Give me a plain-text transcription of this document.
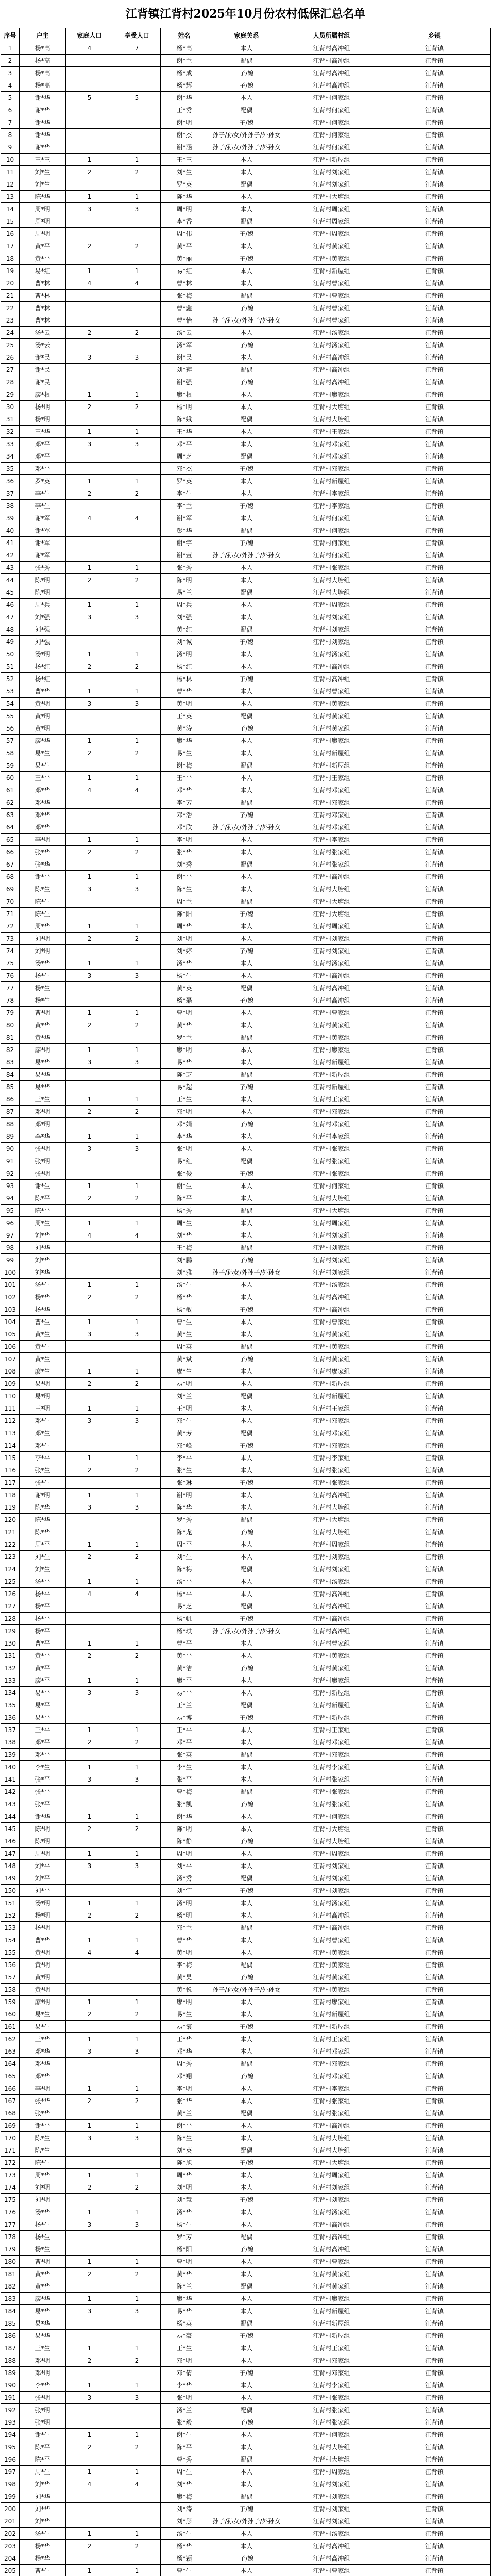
江背镇江背村2025年10月份农村低保汇总名单
序号	户主	家庭人口	享受人口	姓名	家庭关系	人员所属村组	乡镇
1	杨*高	4	7	杨*高	本人	江背村高冲组	江背镇
2	杨*高			谢*兰	配偶	江背村高冲组	江背镇
3	杨*高			杨*成	子/媳	江背村高冲组	江背镇
4	杨*高			杨*辉	子/媳	江背村高冲组	江背镇
5	谢*华	5	5	谢*华	本人	江背村何家组	江背镇
6	谢*华			王*秀	配偶	江背村何家组	江背镇
7	谢*华			谢*明	子/媳	江背村何家组	江背镇
8	谢*华			谢*杰	孙子/孙女/外孙子/外孙女	江背村何家组	江背镇
9	谢*华			谢*涵	孙子/孙女/外孙子/外孙女	江背村何家组	江背镇
10	王*三	1	1	王*三	本人	江背村新屋组	江背镇
11	刘*生	2	2	刘*生	本人	江背村刘家组	江背镇
12	刘*生			罗*英	配偶	江背村刘家组	江背镇
13	陈*华	1	1	陈*华	本人	江背村大塘组	江背镇
14	周*明	3	3	周*明	本人	江背村周家组	江背镇
15	周*明			李*香	配偶	江背村周家组	江背镇
16	周*明			周*伟	子/媳	江背村周家组	江背镇
17	黄*平	2	2	黄*平	本人	江背村黄家组	江背镇
18	黄*平			黄*丽	子/媳	江背村黄家组	江背镇
19	易*红	1	1	易*红	本人	江背村新屋组	江背镇
20	曹*林	4	4	曹*林	本人	江背村曹家组	江背镇
21	曹*林			张*梅	配偶	江背村曹家组	江背镇
22	曹*林			曹*鑫	子/媳	江背村曹家组	江背镇
23	曹*林			曹*怡	孙子/孙女/外孙子/外孙女	江背村曹家组	江背镇
24	汤*云	2	2	汤*云	本人	江背村汤家组	江背镇
25	汤*云			汤*军	子/媳	江背村汤家组	江背镇
26	谢*民	3	3	谢*民	本人	江背村高冲组	江背镇
27	谢*民			刘*莲	配偶	江背村高冲组	江背镇
28	谢*民			谢*强	子/媳	江背村高冲组	江背镇
29	廖*根	1	1	廖*根	本人	江背村廖家组	江背镇
30	杨*明	2	2	杨*明	本人	江背村大塘组	江背镇
31	杨*明			陈*娥	配偶	江背村大塘组	江背镇
32	王*华	1	1	王*华	本人	江背村王家组	江背镇
33	邓*平	3	3	邓*平	本人	江背村邓家组	江背镇
34	邓*平			周*芝	配偶	江背村邓家组	江背镇
35	邓*平			邓*杰	子/媳	江背村邓家组	江背镇
36	罗*英	1	1	罗*英	本人	江背村新屋组	江背镇
37	李*生	2	2	李*生	本人	江背村李家组	江背镇
38	李*生			李*兰	子/媳	江背村李家组	江背镇
39	谢*军	4	4	谢*军	本人	江背村何家组	江背镇
40	谢*军			彭*华	配偶	江背村何家组	江背镇
41	谢*军			谢*宇	子/媳	江背村何家组	江背镇
42	谢*军			谢*萱	孙子/孙女/外孙子/外孙女	江背村何家组	江背镇
43	张*秀	1	1	张*秀	本人	江背村张家组	江背镇
44	陈*明	2	2	陈*明	本人	江背村大塘组	江背镇
45	陈*明			易*兰	配偶	江背村大塘组	江背镇
46	周*兵	1	1	周*兵	本人	江背村周家组	江背镇
47	刘*强	3	3	刘*强	本人	江背村刘家组	江背镇
48	刘*强			黄*红	配偶	江背村刘家组	江背镇
49	刘*强			刘*诚	子/媳	江背村刘家组	江背镇
50	汤*明	1	1	汤*明	本人	江背村汤家组	江背镇
51	杨*红	2	2	杨*红	本人	江背村高冲组	江背镇
52	杨*红			杨*林	子/媳	江背村高冲组	江背镇
53	曹*华	1	1	曹*华	本人	江背村曹家组	江背镇
54	黄*明	3	3	黄*明	本人	江背村黄家组	江背镇
55	黄*明			王*英	配偶	江背村黄家组	江背镇
56	黄*明			黄*涛	子/媳	江背村黄家组	江背镇
57	廖*华	1	1	廖*华	本人	江背村廖家组	江背镇
58	易*生	2	2	易*生	本人	江背村新屋组	江背镇
59	易*生			谢*梅	配偶	江背村新屋组	江背镇
60	王*平	1	1	王*平	本人	江背村王家组	江背镇
61	邓*华	4	4	邓*华	本人	江背村邓家组	江背镇
62	邓*华			李*芳	配偶	江背村邓家组	江背镇
63	邓*华			邓*浩	子/媳	江背村邓家组	江背镇
64	邓*华			邓*欣	孙子/孙女/外孙子/外孙女	江背村邓家组	江背镇
65	李*明	1	1	李*明	本人	江背村李家组	江背镇
66	张*华	2	2	张*华	本人	江背村张家组	江背镇
67	张*华			刘*秀	配偶	江背村张家组	江背镇
68	谢*平	1	1	谢*平	本人	江背村高冲组	江背镇
69	陈*生	3	3	陈*生	本人	江背村大塘组	江背镇
70	陈*生			周*兰	配偶	江背村大塘组	江背镇
71	陈*生			陈*阳	子/媳	江背村大塘组	江背镇
72	周*华	1	1	周*华	本人	江背村周家组	江背镇
73	刘*明	2	2	刘*明	本人	江背村刘家组	江背镇
74	刘*明			刘*婷	子/媳	江背村刘家组	江背镇
75	汤*华	1	1	汤*华	本人	江背村汤家组	江背镇
76	杨*生	3	3	杨*生	本人	江背村高冲组	江背镇
77	杨*生			黄*英	配偶	江背村高冲组	江背镇
78	杨*生			杨*磊	子/媳	江背村高冲组	江背镇
79	曹*明	1	1	曹*明	本人	江背村曹家组	江背镇
80	黄*华	2	2	黄*华	本人	江背村黄家组	江背镇
81	黄*华			罗*兰	配偶	江背村黄家组	江背镇
82	廖*明	1	1	廖*明	本人	江背村廖家组	江背镇
83	易*华	3	3	易*华	本人	江背村新屋组	江背镇
84	易*华			陈*芝	配偶	江背村新屋组	江背镇
85	易*华			易*超	子/媳	江背村新屋组	江背镇
86	王*生	1	1	王*生	本人	江背村王家组	江背镇
87	邓*明	2	2	邓*明	本人	江背村邓家组	江背镇
88	邓*明			邓*娟	子/媳	江背村邓家组	江背镇
89	李*华	1	1	李*华	本人	江背村李家组	江背镇
90	张*明	3	3	张*明	本人	江背村张家组	江背镇
91	张*明			易*红	配偶	江背村张家组	江背镇
92	张*明			张*俊	子/媳	江背村张家组	江背镇
93	谢*生	1	1	谢*生	本人	江背村何家组	江背镇
94	陈*平	2	2	陈*平	本人	江背村大塘组	江背镇
95	陈*平			杨*秀	配偶	江背村大塘组	江背镇
96	周*生	1	1	周*生	本人	江背村周家组	江背镇
97	刘*华	4	4	刘*华	本人	江背村刘家组	江背镇
98	刘*华			王*梅	配偶	江背村刘家组	江背镇
99	刘*华			刘*鹏	子/媳	江背村刘家组	江背镇
100	刘*华			刘*雅	孙子/孙女/外孙子/外孙女	江背村刘家组	江背镇
101	汤*生	1	1	汤*生	本人	江背村汤家组	江背镇
102	杨*华	2	2	杨*华	本人	江背村高冲组	江背镇
103	杨*华			杨*敏	子/媳	江背村高冲组	江背镇
104	曹*生	1	1	曹*生	本人	江背村曹家组	江背镇
105	黄*生	3	3	黄*生	本人	江背村黄家组	江背镇
106	黄*生			周*英	配偶	江背村黄家组	江背镇
107	黄*生			黄*斌	子/媳	江背村黄家组	江背镇
108	廖*生	1	1	廖*生	本人	江背村廖家组	江背镇
109	易*明	2	2	易*明	本人	江背村新屋组	江背镇
110	易*明			刘*兰	配偶	江背村新屋组	江背镇
111	王*明	1	1	王*明	本人	江背村王家组	江背镇
112	邓*生	3	3	邓*生	本人	江背村邓家组	江背镇
113	邓*生			黄*芳	配偶	江背村邓家组	江背镇
114	邓*生			邓*峰	子/媳	江背村邓家组	江背镇
115	李*平	1	1	李*平	本人	江背村李家组	江背镇
116	张*生	2	2	张*生	本人	江背村张家组	江背镇
117	张*生			张*琳	子/媳	江背村张家组	江背镇
118	谢*明	1	1	谢*明	本人	江背村高冲组	江背镇
119	陈*华	3	3	陈*华	本人	江背村大塘组	江背镇
120	陈*华			罗*秀	配偶	江背村大塘组	江背镇
121	陈*华			陈*龙	子/媳	江背村大塘组	江背镇
122	周*平	1	1	周*平	本人	江背村周家组	江背镇
123	刘*生	2	2	刘*生	本人	江背村刘家组	江背镇
124	刘*生			陈*梅	配偶	江背村刘家组	江背镇
125	汤*平	1	1	汤*平	本人	江背村汤家组	江背镇
126	杨*平	4	4	杨*平	本人	江背村高冲组	江背镇
127	杨*平			易*芝	配偶	江背村高冲组	江背镇
128	杨*平			杨*帆	子/媳	江背村高冲组	江背镇
129	杨*平			杨*琪	孙子/孙女/外孙子/外孙女	江背村高冲组	江背镇
130	曹*平	1	1	曹*平	本人	江背村曹家组	江背镇
131	黄*平	2	2	黄*平	本人	江背村黄家组	江背镇
132	黄*平			黄*洁	子/媳	江背村黄家组	江背镇
133	廖*平	1	1	廖*平	本人	江背村廖家组	江背镇
134	易*平	3	3	易*平	本人	江背村新屋组	江背镇
135	易*平			王*兰	配偶	江背村新屋组	江背镇
136	易*平			易*博	子/媳	江背村新屋组	江背镇
137	王*平	1	1	王*平	本人	江背村王家组	江背镇
138	邓*平	2	2	邓*平	本人	江背村邓家组	江背镇
139	邓*平			张*英	配偶	江背村邓家组	江背镇
140	李*生	1	1	李*生	本人	江背村李家组	江背镇
141	张*平	3	3	张*平	本人	江背村张家组	江背镇
142	张*平			曹*梅	配偶	江背村张家组	江背镇
143	张*平			张*凯	子/媳	江背村张家组	江背镇
144	谢*华	1	1	谢*华	本人	江背村何家组	江背镇
145	陈*明	2	2	陈*明	本人	江背村大塘组	江背镇
146	陈*明			陈*静	子/媳	江背村大塘组	江背镇
147	周*明	1	1	周*明	本人	江背村周家组	江背镇
148	刘*平	3	3	刘*平	本人	江背村刘家组	江背镇
149	刘*平			汤*秀	配偶	江背村刘家组	江背镇
150	刘*平			刘*宁	子/媳	江背村刘家组	江背镇
151	汤*明	1	1	汤*明	本人	江背村汤家组	江背镇
152	杨*明	2	2	杨*明	本人	江背村高冲组	江背镇
153	杨*明			邓*兰	配偶	江背村高冲组	江背镇
154	曹*华	1	1	曹*华	本人	江背村曹家组	江背镇
155	黄*明	4	4	黄*明	本人	江背村黄家组	江背镇
156	黄*明			李*梅	配偶	江背村黄家组	江背镇
157	黄*明			黄*昊	子/媳	江背村黄家组	江背镇
158	黄*明			黄*悦	孙子/孙女/外孙子/外孙女	江背村黄家组	江背镇
159	廖*明	1	1	廖*明	本人	江背村廖家组	江背镇
160	易*生	2	2	易*生	本人	江背村新屋组	江背镇
161	易*生			易*霞	子/媳	江背村新屋组	江背镇
162	王*华	1	1	王*华	本人	江背村王家组	江背镇
163	邓*华	3	3	邓*华	本人	江背村邓家组	江背镇
164	邓*华			周*秀	配偶	江背村邓家组	江背镇
165	邓*华			邓*翔	子/媳	江背村邓家组	江背镇
166	李*明	1	1	李*明	本人	江背村李家组	江背镇
167	张*华	2	2	张*华	本人	江背村张家组	江背镇
168	张*华			黄*兰	配偶	江背村张家组	江背镇
169	谢*平	1	1	谢*平	本人	江背村高冲组	江背镇
170	陈*生	3	3	陈*生	本人	江背村大塘组	江背镇
171	陈*生			刘*英	配偶	江背村大塘组	江背镇
172	陈*生			陈*旭	子/媳	江背村大塘组	江背镇
173	周*华	1	1	周*华	本人	江背村周家组	江背镇
174	刘*明	2	2	刘*明	本人	江背村刘家组	江背镇
175	刘*明			刘*慧	子/媳	江背村刘家组	江背镇
176	汤*华	1	1	汤*华	本人	江背村汤家组	江背镇
177	杨*生	3	3	杨*生	本人	江背村高冲组	江背镇
178	杨*生			罗*芳	配偶	江背村高冲组	江背镇
179	杨*生			杨*阳	子/媳	江背村高冲组	江背镇
180	曹*明	1	1	曹*明	本人	江背村曹家组	江背镇
181	黄*华	2	2	黄*华	本人	江背村黄家组	江背镇
182	黄*华			陈*兰	配偶	江背村黄家组	江背镇
183	廖*华	1	1	廖*华	本人	江背村廖家组	江背镇
184	易*华	3	3	易*华	本人	江背村新屋组	江背镇
185	易*华			杨*英	配偶	江背村新屋组	江背镇
186	易*华			易*豪	子/媳	江背村新屋组	江背镇
187	王*生	1	1	王*生	本人	江背村王家组	江背镇
188	邓*明	2	2	邓*明	本人	江背村邓家组	江背镇
189	邓*明			邓*倩	子/媳	江背村邓家组	江背镇
190	李*华	1	1	李*华	本人	江背村李家组	江背镇
191	张*明	3	3	张*明	本人	江背村张家组	江背镇
192	张*明			汤*兰	配偶	江背村张家组	江背镇
193	张*明			张*毅	子/媳	江背村张家组	江背镇
194	谢*生	1	1	谢*生	本人	江背村何家组	江背镇
195	陈*平	2	2	陈*平	本人	江背村大塘组	江背镇
196	陈*平			曹*秀	配偶	江背村大塘组	江背镇
197	周*生	1	1	周*生	本人	江背村周家组	江背镇
198	刘*华	4	4	刘*华	本人	江背村刘家组	江背镇
199	刘*华			廖*梅	配偶	江背村刘家组	江背镇
200	刘*华			刘*涛	子/媳	江背村刘家组	江背镇
201	刘*华			刘*彤	孙子/孙女/外孙子/外孙女	江背村刘家组	江背镇
202	汤*生	1	1	汤*生	本人	江背村汤家组	江背镇
203	杨*华	2	2	杨*华	本人	江背村高冲组	江背镇
204	杨*华			杨*颖	子/媳	江背村高冲组	江背镇
205	曹*生	1	1	曹*生	本人	江背村曹家组	江背镇
